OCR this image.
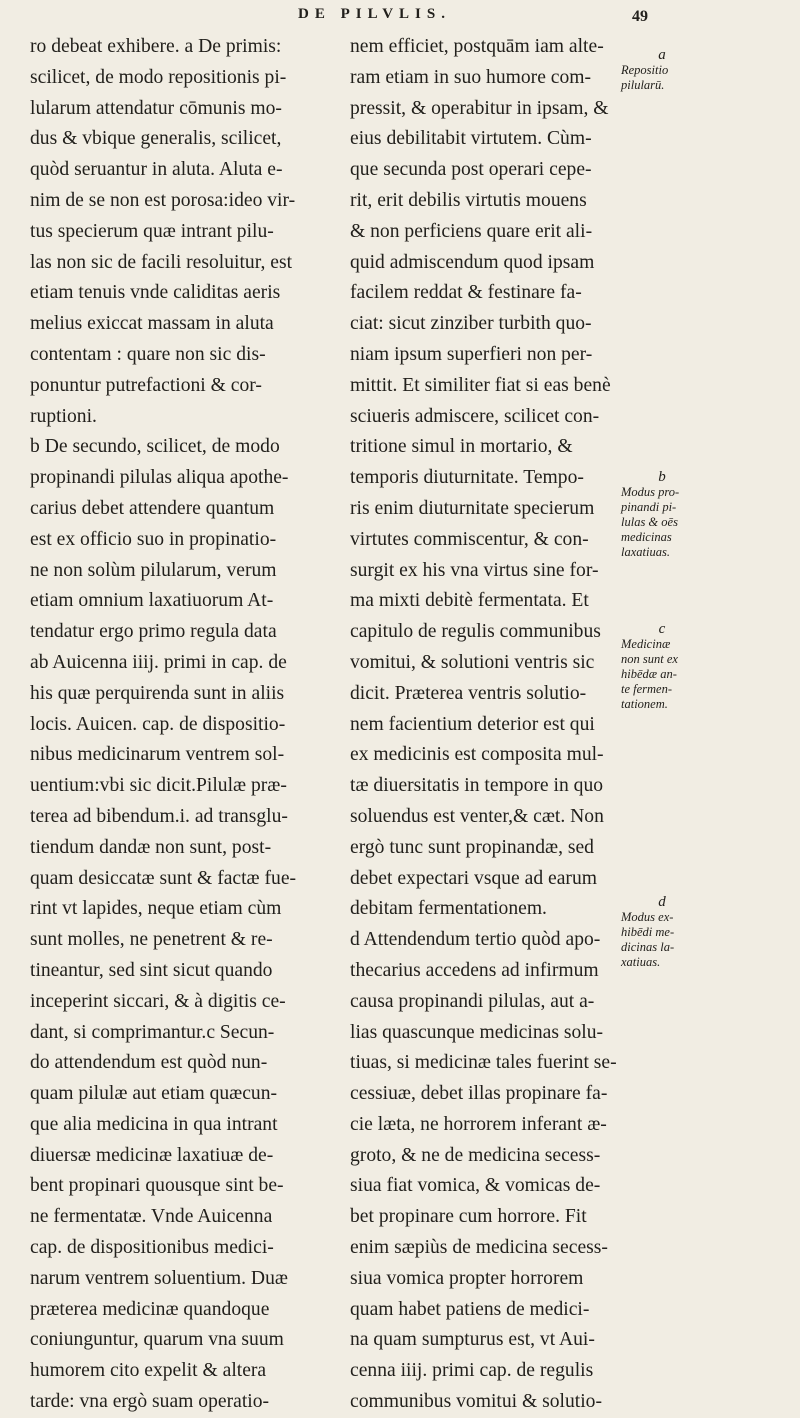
DE PILVLIS.	49
ro debeat exhibere. a De primis:
scilicet, de modo repositionis pi-
lularum attendatur cōmunis mo-
dus & vbique generalis, scilicet,
quòd seruantur in aluta. Aluta e-
nim de se non est porosa:ideo vir-
tus specierum quæ intrant pilu-
las non sic de facili resoluitur, est
etiam tenuis vnde caliditas aeris
melius exiccat massam in aluta
contentam : quare non sic dis-
ponuntur putrefactioni & cor-
ruptioni.
b De secundo, scilicet, de modo
propinandi pilulas aliqua apothe-
carius debet attendere quantum
est ex officio suo in propinatio-
ne non solùm pilularum, verum
etiam omnium laxatiuorum At-
tendatur ergo primo regula data
ab Auicenna iiij. primi in cap. de
his quæ perquirenda sunt in aliis
locis. Auicen. cap. de dispositio-
nibus medicinarum ventrem sol-
uentium:vbi sic dicit.Pilulæ præ-
terea ad bibendum.i. ad transglu-
tiendum dandæ non sunt, post-
quam desiccatæ sunt & factæ fue-
rint vt lapides, neque etiam cùm
sunt molles, ne penetrent & re-
tineantur, sed sint sicut quando
inceperint siccari, & à digitis ce-
dant, si comprimantur.c Secun-
do attendendum est quòd nun-
quam pilulæ aut etiam quæcun-
que alia medicina in qua intrant
diuersæ medicinæ laxatiuæ de-
bent propinari quousque sint be-
ne fermentatæ. Vnde Auicenna
cap. de dispositionibus medici-
narum ventrem soluentium. Duæ
præterea medicinæ quandoque
coniunguntur, quarum vna suum
humorem cito expelit & altera
tarde: vna ergò suam operatio-
nem efficiet, postquām iam alte-
ram etiam in suo humore com-
pressit, & operabitur in ipsam, &
eius debilitabit virtutem. Cùm-
que secunda post operari cepe-
rit, erit debilis virtutis mouens
& non perficiens quare erit ali-
quid admiscendum quod ipsam
facilem reddat & festinare fa-
ciat: sicut zinziber turbith quo-
niam ipsum superfieri non per-
mittit. Et similiter fiat si eas benè
sciueris admiscere, scilicet con-
tritione simul in mortario, &
temporis diuturnitate. Tempo-
ris enim diuturnitate specierum
virtutes commiscentur, & con-
surgit ex his vna virtus sine for-
ma mixti debitè fermentata. Et
capitulo de regulis communibus
vomitui, & solutioni ventris sic
dicit. Præterea ventris solutio-
nem facientium deterior est qui
ex medicinis est composita mul-
tæ diuersitatis in tempore in quo
soluendus est venter,& cæt. Non
ergò tunc sunt propinandæ, sed
debet expectari vsque ad earum
debitam fermentationem.
d Attendendum tertio quòd apo-
thecarius accedens ad infirmum
causa propinandi pilulas, aut a-
lias quascunque medicinas solu-
tiuas, si medicinæ tales fuerint se-
cessiuæ, debet illas propinare fa-
cie læta, ne horrorem inferant æ-
groto, & ne de medicina secess-
siua fiat vomica, & vomicas de-
bet propinare cum horrore. Fit
enim sæpiùs de medicina secess-
siua vomica propter horrorem
quam habet patiens de medici-
na quam sumpturus est, vt Aui-
cenna iiij. primi cap. de regulis
communibus vomitui & solutio-
a
Repositio
pilularū.
b
Modus pro-
pinandi pi-
lulas & oēs
medicinas
laxatiuas.
c
Medicinæ
non sunt ex
hibēdæ an-
te fermen-
tationem.
d
Modus ex-
hibēdi me-
dicinas la-
xatiuas.
